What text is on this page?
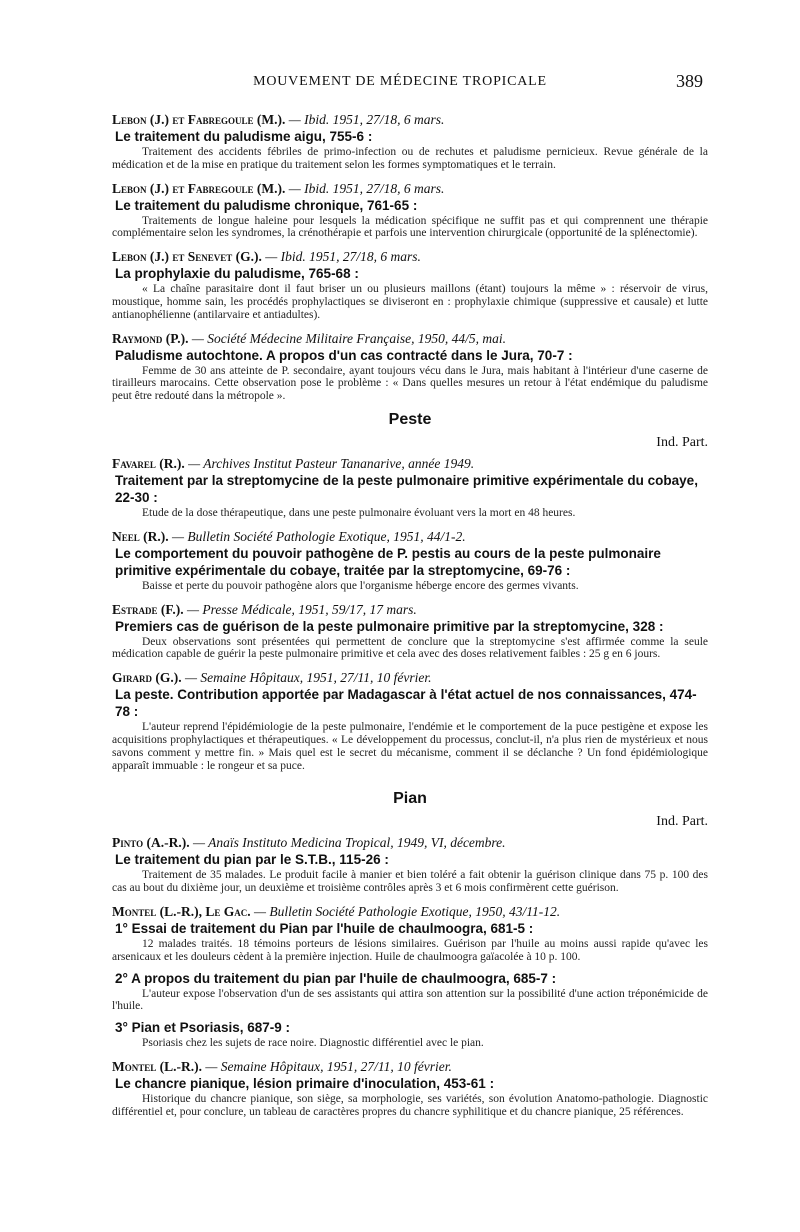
MOUVEMENT DE MÉDECINE TROPICALE	389

Lebon (J.) et Fabregoule (M.). — Ibid. 1951, 27/18, 6 mars.

Le traitement du paludisme aigu, 755-6 :

Traitement des accidents fébriles de primo-infection ou de rechutes et paludisme pernicieux. Revue générale de la médication et de la mise en pratique du traitement selon les formes symptomatiques et le terrain.

Lebon (J.) et Fabregoule (M.). — Ibid. 1951, 27/18, 6 mars.

Le traitement du paludisme chronique, 761-65 :

Traitements de longue haleine pour lesquels la médication spécifique ne suffit pas et qui comprennent une thérapie complémentaire selon les syndromes, la crénothérapie et parfois une intervention chirurgicale (opportunité de la splénectomie).

Lebon (J.) et Senevet (G.). — Ibid. 1951, 27/18, 6 mars.

La prophylaxie du paludisme, 765-68 :

« La chaîne parasitaire dont il faut briser un ou plusieurs maillons (étant) toujours la même » : réservoir de virus, moustique, homme sain, les procédés prophylactiques se diviseront en : prophylaxie chimique (suppressive et causale) et lutte antianophélienne (antilarvaire et antiadultes).

Raymond (P.). — Société Médecine Militaire Française, 1950, 44/5, mai.

Paludisme autochtone. A propos d'un cas contracté dans le Jura, 70-7 :

Femme de 30 ans atteinte de P. secondaire, ayant toujours vécu dans le Jura, mais habitant à l'intérieur d'une caserne de tirailleurs marocains. Cette observation pose le problème : « Dans quelles mesures un retour à l'état endémique du paludisme peut être redouté dans la métropole ».

Peste
Ind. Part.

Favarel (R.). — Archives Institut Pasteur Tananarive, année 1949.

Traitement par la streptomycine de la peste pulmonaire primitive expérimentale du cobaye, 22-30 :

Etude de la dose thérapeutique, dans une peste pulmonaire évoluant vers la mort en 48 heures.

Neel (R.). — Bulletin Société Pathologie Exotique, 1951, 44/1-2.

Le comportement du pouvoir pathogène de P. pestis au cours de la peste pulmonaire primitive expérimentale du cobaye, traitée par la streptomycine, 69-76 :

Baisse et perte du pouvoir pathogène alors que l'organisme héberge encore des germes vivants.

Estrade (F.). — Presse Médicale, 1951, 59/17, 17 mars.

Premiers cas de guérison de la peste pulmonaire primitive par la streptomycine, 328 :

Deux observations sont présentées qui permettent de conclure que la streptomycine s'est affirmée comme la seule médication capable de guérir la peste pulmonaire primitive et cela avec des doses relativement faibles : 25 g en 6 jours.

Girard (G.). — Semaine Hôpitaux, 1951, 27/11, 10 février.

La peste. Contribution apportée par Madagascar à l'état actuel de nos connaissances, 474-78 :

L'auteur reprend l'épidémiologie de la peste pulmonaire, l'endémie et le comportement de la puce pestigène et expose les acquisitions prophylactiques et thérapeutiques. « Le développement du processus, conclut-il, n'a plus rien de mystérieux et nous savons comment y mettre fin. » Mais quel est le secret du mécanisme, comment il se déclanche ? Un fond épidémiologique apparaît immuable : le rongeur et sa puce.

Pian
Ind. Part.

Pinto (A.-R.). — Anaïs Instituto Medicina Tropical, 1949, VI, décembre.

Le traitement du pian par le S.T.B., 115-26 :

Traitement de 35 malades. Le produit facile à manier et bien toléré a fait obtenir la guérison clinique dans 75 p. 100 des cas au bout du dixième jour, un deuxième et troisième contrôles après 3 et 6 mois confirmèrent cette guérison.

Montel (L.-R.), Le Gac. — Bulletin Société Pathologie Exotique, 1950, 43/11-12.

1° Essai de traitement du Pian par l'huile de chaulmoogra, 681-5 :

12 malades traités. 18 témoins porteurs de lésions similaires. Guérison par l'huile au moins aussi rapide qu'avec les arsenicaux et les douleurs cèdent à la première injection. Huile de chaulmoogra gaïacolée à 10 p. 100.

2° A propos du traitement du pian par l'huile de chaulmoogra, 685-7 :

L'auteur expose l'observation d'un de ses assistants qui attira son attention sur la possibilité d'une action tréponémicide de l'huile.

3° Pian et Psoriasis, 687-9 :

Psoriasis chez les sujets de race noire. Diagnostic différentiel avec le pian.

Montel (L.-R.). — Semaine Hôpitaux, 1951, 27/11, 10 février.

Le chancre pianique, lésion primaire d'inoculation, 453-61 :

Historique du chancre pianique, son siège, sa morphologie, ses variétés, son évolution Anatomo-pathologie. Diagnostic différentiel et, pour conclure, un tableau de caractères propres du chancre syphilitique et du chancre pianique, 25 références.
